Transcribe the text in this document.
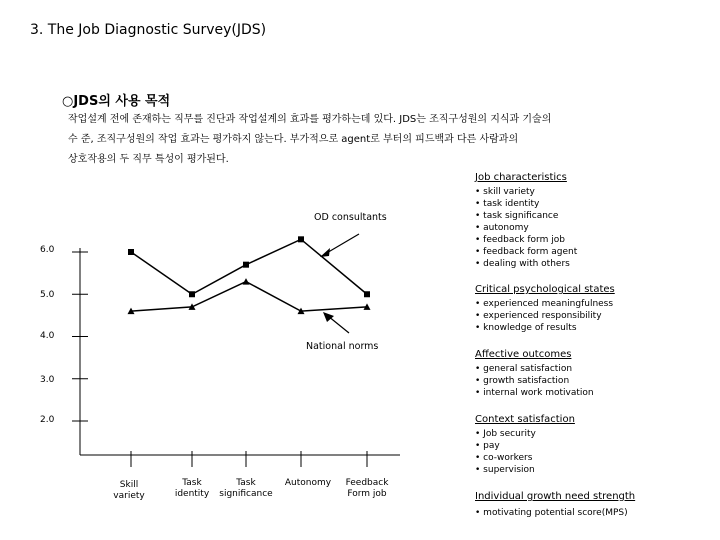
3. The Job Diagnostic Survey(JDS)
○JDS의 사용 목적
작업설계 전에 존재하는 직무를 진단과 작업설계의 효과를 평가하는데 있다. JDS는 조직구성원의 지식과 기술의
수 준, 조직구성원의 작업 효과는 평가하지 않는다. 부가적으로 agent로 부터의 피드백과 다른 사람과의
상호작용의 두 직무 특성이 평가된다.
6.0
5.0
4.0
3.0
2.0
Skill
variety
Task
identity
Task
significance
Autonomy	Feedback
Form job
OD consultants
National norms
Job characteristics
• skill variety
• task identity
• task significance
• autonomy
• feedback form job
• feedback form agent
• dealing with others
Critical psychological states
• experienced meaningfulness
• experienced responsibility
• knowledge of results
Affective outcomes
• general satisfaction
• growth satisfaction
• internal work motivation
Context satisfaction
• Job security
• pay
• co-workers
• supervision
Individual growth need strength
• motivating potential score(MPS)
